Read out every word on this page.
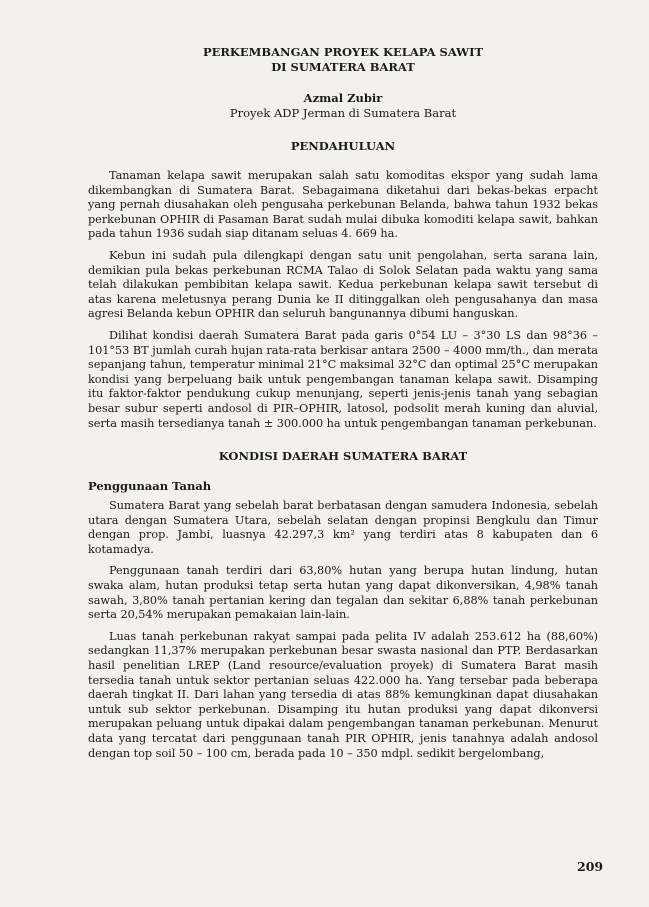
PERKEMBANGAN PROYEK KELAPA SAWIT
DI SUMATERA BARAT
Azmal Zubir
Proyek ADP Jerman di Sumatera Barat
PENDAHULUAN

Tanaman kelapa sawit merupakan salah satu komoditas ekspor yang sudah lama dikembangkan di Sumatera Barat. Sebagaimana diketahui dari bekas-bekas erpacht yang pernah diusahakan oleh pengusaha perkebunan Belanda, bahwa tahun 1932 bekas perkebunan OPHIR di Pasaman Barat sudah mulai dibuka komoditi kelapa sawit, bahkan pada tahun 1936 sudah siap ditanam seluas 4. 669 ha.

Kebun ini sudah pula dilengkapi dengan satu unit pengolahan, serta sarana lain, demikian pula bekas perkebunan RCMA Talao di Solok Selatan pada waktu yang sama telah dilakukan pembibitan kelapa sawit. Kedua perkebunan kelapa sawit tersebut di atas karena meletusnya perang Dunia ke II ditinggalkan oleh pengusahanya dan masa agresi Belanda kebun OPHIR dan seluruh bangunannya dibumi hanguskan.

Dilihat kondisi daerah Sumatera Barat pada garis 0°54 LU – 3°30 LS dan 98°36 – 101°53 BT jumlah curah hujan rata-rata berkisar antara 2500 – 4000 mm/th., dan merata sepanjang tahun, temperatur minimal 21°C maksimal 32°C dan optimal 25°C merupakan kondisi yang berpeluang baik untuk pengembangan tanaman kelapa sawit. Disamping itu faktor-faktor pendukung cukup menunjang, seperti jenis-jenis tanah yang sebagian besar subur seperti andosol di PIR–OPHIR, latosol, podsolit merah kuning dan aluvial, serta masih tersedianya tanah ± 300.000 ha untuk pengembangan tanaman perkebunan.

KONDISI DAERAH SUMATERA BARAT
Penggunaan Tanah

Sumatera Barat yang sebelah barat berbatasan dengan samudera Indonesia, sebelah utara dengan Sumatera Utara, sebelah selatan dengan propinsi Bengkulu dan Timur dengan prop. Jambi, luasnya 42.297,3 km² yang terdiri atas 8 kabupaten dan 6 kotamadya.

Penggunaan tanah terdiri dari 63,80% hutan yang berupa hutan lindung, hutan swaka alam, hutan produksi tetap serta hutan yang dapat dikonversikan, 4,98% tanah sawah, 3,80% tanah pertanian kering dan tegalan dan sekitar 6,88% tanah perkebunan serta 20,54% merupakan pemakaian lain-lain.

Luas tanah perkebunan rakyat sampai pada pelita IV adalah 253.612 ha (88,60%) sedangkan 11,37% merupakan perkebunan besar swasta nasional dan PTP. Berdasarkan hasil penelitian LREP (Land resource/evaluation proyek) di Sumatera Barat masih tersedia tanah untuk sektor pertanian seluas 422.000 ha. Yang tersebar pada beberapa daerah tingkat II. Dari lahan yang tersedia di atas 88% kemungkinan dapat diusahakan untuk sub sektor perkebunan. Disamping itu hutan produksi yang dapat dikonversi merupakan peluang untuk dipakai dalam pengembangan tanaman perkebunan. Menurut data yang tercatat dari penggunaan tanah PIR OPHIR, jenis tanahnya adalah andosol dengan top soil 50 – 100 cm, berada pada 10 – 350 mdpl. sedikit bergelombang,

209
